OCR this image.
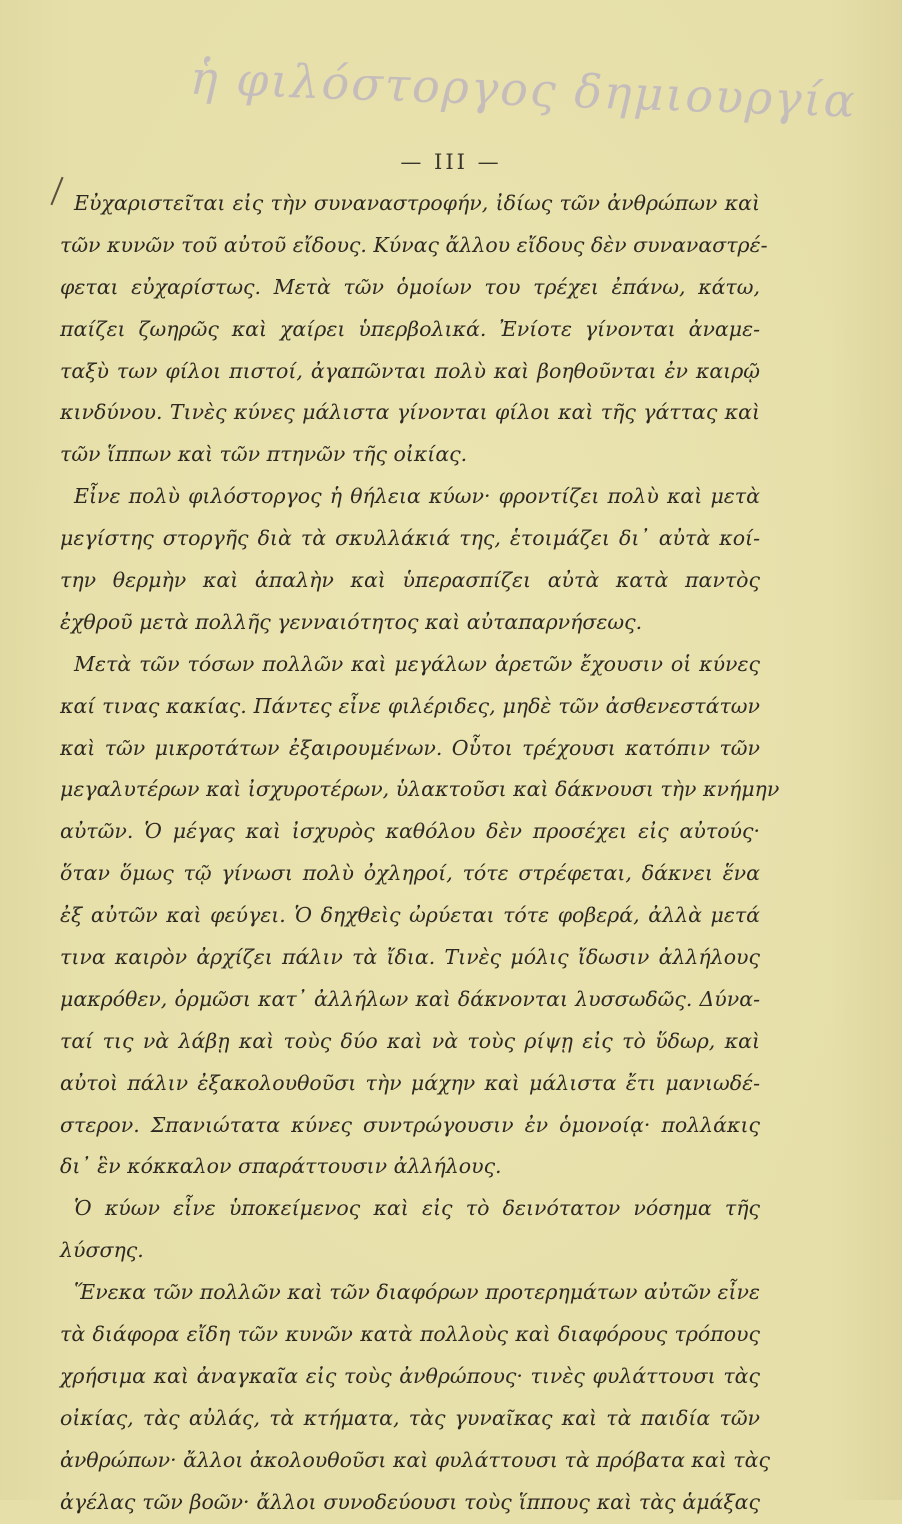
ἡ φιλόστοργος δημιουργία
— III —
Εὐχαριστεῖται εἰς τὴν συναναστροφήν, ἰδίως τῶν ἀνθρώπων καὶ
τῶν κυνῶν τοῦ αὐτοῦ εἴδους. Κύνας ἄλλου εἴδους δὲν συναναστρέ-
φεται εὐχαρίστως. Μετὰ τῶν ὁμοίων του τρέχει ἐπάνω, κάτω,
παίζει ζωηρῶς καὶ χαίρει ὑπερβολικά. Ἐνίοτε γίνονται ἀναμε-
ταξὺ των φίλοι πιστοί, ἀγαπῶνται πολὺ καὶ βοηθοῦνται ἐν καιρῷ
κινδύνου. Τινὲς κύνες μάλιστα γίνονται φίλοι καὶ τῆς γάττας καὶ
τῶν ἵππων καὶ τῶν πτηνῶν τῆς οἰκίας.
Εἶνε πολὺ φιλόστοργος ἡ θήλεια κύων· φροντίζει πολὺ καὶ μετὰ
μεγίστης στοργῆς διὰ τὰ σκυλλάκιά της, ἑτοιμάζει δι᾽ αὐτὰ κοί-
την θερμὴν καὶ ἁπαλὴν καὶ ὑπερασπίζει αὐτὰ κατὰ παντὸς
ἐχθροῦ μετὰ πολλῆς γενναιότητος καὶ αὐταπαρνήσεως.
Μετὰ τῶν τόσων πολλῶν καὶ μεγάλων ἀρετῶν ἔχουσιν οἱ κύνες
καί τινας κακίας. Πάντες εἶνε φιλέριδες, μηδὲ τῶν ἀσθενεστάτων
καὶ τῶν μικροτάτων ἐξαιρουμένων. Οὗτοι τρέχουσι κατόπιν τῶν
μεγαλυτέρων καὶ ἰσχυροτέρων, ὑλακτοῦσι καὶ δάκνουσι τὴν κνήμην
αὐτῶν. Ὁ μέγας καὶ ἰσχυρὸς καθόλου δὲν προσέχει εἰς αὐτούς·
ὅταν ὅμως τῷ γίνωσι πολὺ ὀχληροί, τότε στρέφεται, δάκνει ἕνα
ἐξ αὐτῶν καὶ φεύγει. Ὁ δηχθεὶς ὠρύεται τότε φοβερά, ἀλλὰ μετά
τινα καιρὸν ἀρχίζει πάλιν τὰ ἴδια. Τινὲς μόλις ἴδωσιν ἀλλήλους
μακρόθεν, ὁρμῶσι κατ᾽ ἀλλήλων καὶ δάκνονται λυσσωδῶς. Δύνα-
ταί τις νὰ λάβῃ καὶ τοὺς δύο καὶ νὰ τοὺς ρίψῃ εἰς τὸ ὕδωρ, καὶ
αὐτοὶ πάλιν ἐξακολουθοῦσι τὴν μάχην καὶ μάλιστα ἔτι μανιωδέ-
στερον. Σπανιώτατα κύνες συντρώγουσιν ἐν ὁμονοίᾳ· πολλάκις
δι᾽ ἓν κόκκαλον σπαράττουσιν ἀλλήλους.
Ὁ κύων εἶνε ὑποκείμενος καὶ εἰς τὸ δεινότατον νόσημα τῆς
λύσσης.
Ἕνεκα τῶν πολλῶν καὶ τῶν διαφόρων προτερημάτων αὐτῶν εἶνε
τὰ διάφορα εἴδη τῶν κυνῶν κατὰ πολλοὺς καὶ διαφόρους τρόπους
χρήσιμα καὶ ἀναγκαῖα εἰς τοὺς ἀνθρώπους· τινὲς φυλάττουσι τὰς
οἰκίας, τὰς αὐλάς, τὰ κτήματα, τὰς γυναῖκας καὶ τὰ παιδία τῶν
ἀνθρώπων· ἄλλοι ἀκολουθοῦσι καὶ φυλάττουσι τὰ πρόβατα καὶ τὰς
ἀγέλας τῶν βοῶν· ἄλλοι συνοδεύουσι τοὺς ἵππους καὶ τὰς ἁμάξας
